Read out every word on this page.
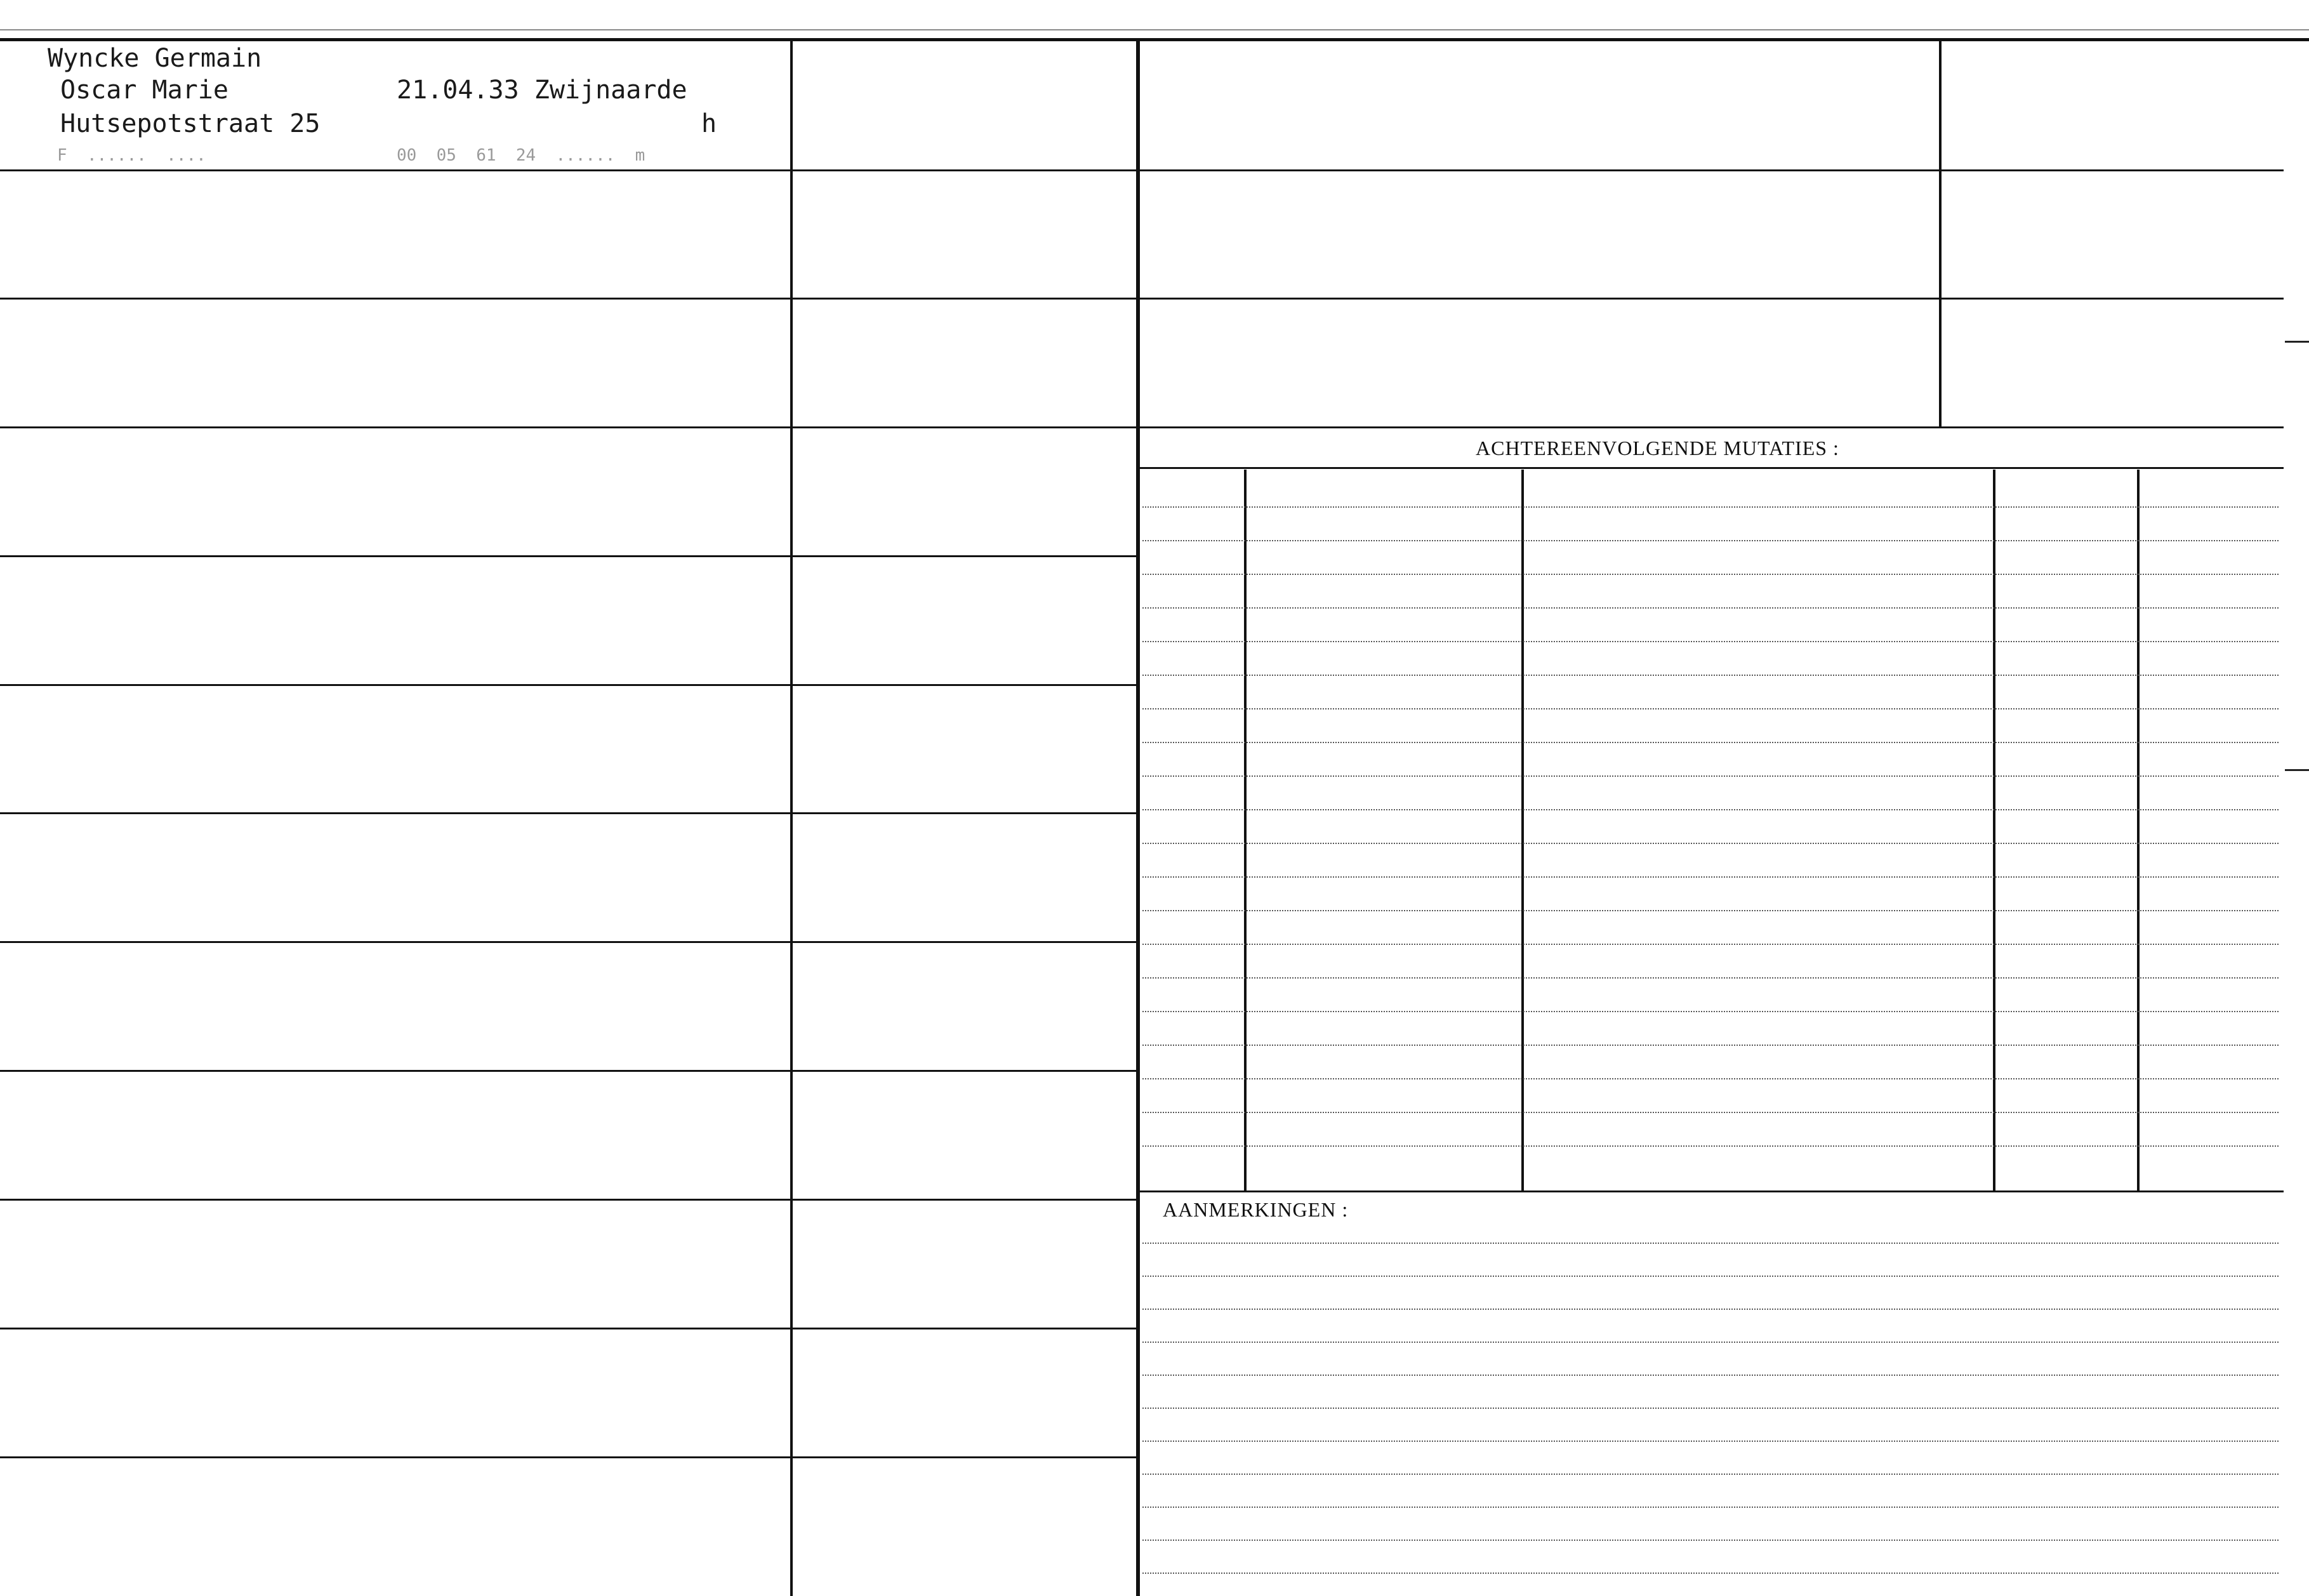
Wyncke Germain
Oscar Marie
Hutsepotstraat 25
21.04.33 Zwijnaarde
h
F  ......  ....	00  05  61  24  ......  m
ACHTEREENVOLGENDE MUTATIES :
AANMERKINGEN :
